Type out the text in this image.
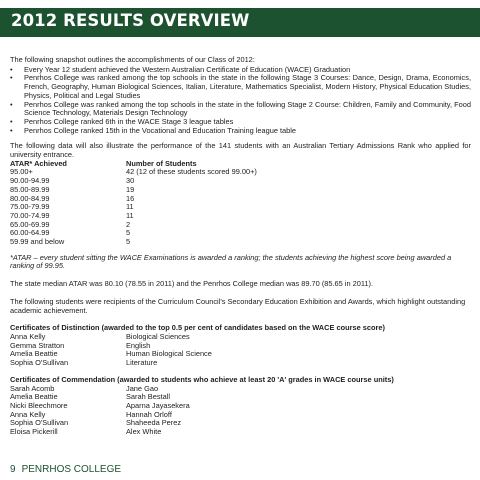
2012 RESULTS OVERVIEW

The following snapshot outlines the accomplishments of our Class of 2012:

• Every Year 12 student achieved the Western Australian Certificate of Education (WACE) Graduation
• Penrhos College was ranked among the top schools in the state in the following Stage 3 Courses: Dance, Design, Drama, Economics, French, Geography, Human Biological Sciences, Italian, Literature, Mathematics Specialist, Modern History, Physical Education Studies, Physics, Political and Legal Studies
• Penrhos College was ranked among the top schools in the state in the following Stage 2 Course: Children, Family and Community, Food Science Technology, Materials Design Technology
• Penrhos College ranked 6th in the WACE Stage 3 league tables
• Penrhos College ranked 15th in the Vocational and Education Training league table

The following data will also illustrate the performance of the 141 students with an Australian Tertiary Admissions Rank who applied for university entrance.

ATAR* Achieved	Number of Students
95.00+	42 (12 of these students scored 99.00+)
90.00-94.99	30
85.00-89.99	19
80.00-84.99	16
75.00-79.99	11
70.00-74.99	11
65.00-69.99	2
60.00-64.99	5
59.99 and below	5

*ATAR – every student sitting the WACE Examinations is awarded a ranking; the students achieving the highest score being awarded a ranking of 99.95.

The state median ATAR was 80.10 (78.55 in 2011) and the Penrhos College median was 89.70 (85.65 in 2011).

The following students were recipients of the Curriculum Council's Secondary Education Exhibition and Awards, which highlight outstanding academic achievement.

Certificates of Distinction (awarded to the top 0.5 per cent of candidates based on the WACE course score)

Anna Kelly	Biological Sciences
Gemma Stratton	English
Amelia Beattie	Human Biological Science
Sophia O'Sullivan	Literature

Certificates of Commendation (awarded to students who achieve at least 20 'A' grades in WACE course units)

Sarah Acomb	Jane Gao
Amelia Beattie	Sarah Bestall
Nicki Bleechmore	Aparna Jayasekera
Anna Kelly	Hannah Orloff
Sophia O'Sullivan	Shaheeda Perez
Eloisa Pickerill	Alex White
9 PENRHOS COLLEGE
